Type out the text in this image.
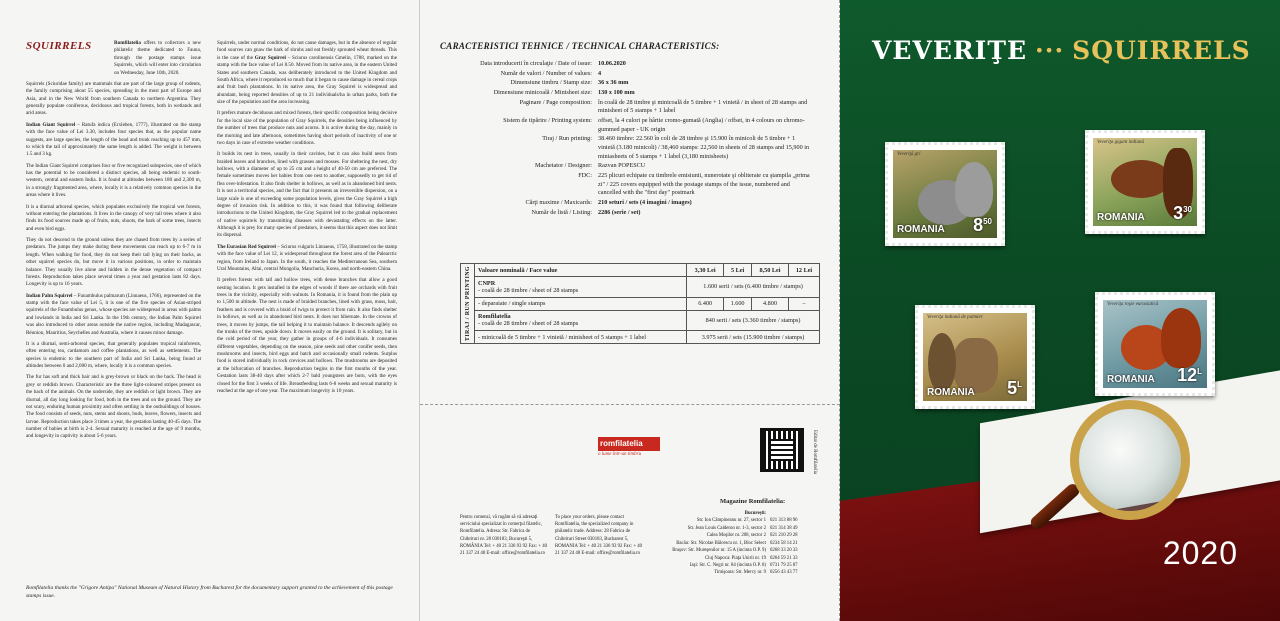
SQUIRRELS	Romfilatelia offers to collectors a new philatelic theme dedicated to Fauna, through the postage stamps issue Squirrels, which will enter into circulation on Wednesday, June 10th, 2020.
Squirrels (Sciuridae family) are mammals that are part of the large group of rodents, the family comprising about 55 species, spreading in the most part of Europe and Asia, and in the New World from southern Canada to northern Argentina. They generally populate coniferous, deciduous and tropical forests, both in wetlands and arid areas.
Indian Giant Squirrel – Ratufa indica (Erxleben, 1777), illustrated on the stamp with the face value of Lei 3.30, includes four species that, as the popular name suggests, are large species, the length of the head and trunk reaching up to 457 mm, to which the tail of approximately the same length is added. The weight is between 1.5 and 3 kg.
The Indian Giant Squirrel comprises four or five recognized subspecies, one of which has the potential to be considered a distinct species, all being endemic to south-western, central and eastern India. It is found at altitudes between 180 and 2,300 m, in a strongly fragmented area, where, locally it is a relatively common species in the areas where it lives.
It is a diurnal arboreal species, which populates exclusively the tropical wet forests, without entering the plantations. It lives in the canopy of very tall trees where it also finds its food sources made up of fruits, nuts, shoots, the bark of some trees, insects and even bird eggs.
They do not descend to the ground unless they are chased from trees by a series of predators. The jumps they make during these movements can reach up to 6-7 m in length. When walking for food, they do not keep their tail lying on their backs, as other squirrel species do, but move it in various positions, in order to maintain balance. They usually live alone and hidden in the dense vegetation of compact forests. Reproduction takes place several times a year and gestation lasts 82 days. Longevity is up to 16 years.
Indian Palm Squirrel – Funambulus palmarum (Linnaeus, 1766), represented on the stamp with the face value of Lei 5, it is one of the five species of Asian-striped squirrels of the Funambulus genus, whose species are widespread in areas with palms and lowlands in India and Sri Lanka. In the 19th century, the Indian Palm Squirrel was also introduced to other areas outside the native region, including Madagascar, Réunion, Mauritius, Seychelles and Australia, where it causes minor damage.
It is a diurnal, semi-arboreal species, that generally populates tropical rainforests, often entering tea, cardamom and coffee plantations, as well as settlements. The species is endemic to the southern part of India and Sri Lanka, being found at altitudes between 0 and 2,000 m, where, locally it is a common species.
The fur has soft and thick hair and is grey-brown or black on the back. The head is grey or reddish brown. Characteristic are the three light-coloured stripes present on the back of the animals. On the underside, they are reddish or light brown. They are diurnal, all day long looking for food, both in the trees and on the ground. They are not scary, enduring human proximity and often settling in the outbuildings of houses. The food consists of seeds, nuts, stems and shoots, buds, leaves, flowers, insects and larvae. Reproduction takes place 3 times a year, the gestation lasting 40-45 days. The number of babies at birth is 2-4. Sexual maturity is reached at the age of 9 months, and longevity in captivity is about 5-6 years.
Squirrels, under normal conditions, do not cause damages, but in the absence of regular food sources can gnaw the bark of shrubs and eat freshly sprouted wheat threads. This is the case of the Gray Squirrel – Sciurus carolinensis Gmelin, 1788, marked on the stamp with the face value of Lei 8.50. Moved from its native area, in the eastern United States and southern Canada, was deliberately introduced to the United Kingdom and South Africa, where it reproduced so much that it began to cause damage in cereal crops and fruit bush plantations. In its native area, the Gray Squirrel is widespread and abundant, being reported densities of up to 21 individuals/ha in urban parks, both the size of the population and the area increasing.
It prefers mature deciduous and mixed forests, their specific composition being decisive for the local size of the population of Gray Squirrels, the densities being influenced by the number of trees that produce nuts and acorns. It is active during the day, mainly in the morning and late afternoon, sometimes having short periods of inactivity of one or two days in case of extreme weather conditions.
It builds its nest in trees, usually in their cavities, but it can also build nests from braided leaves and branches, lined with grasses and mosses. For sheltering the nest, dry hollows, with a diameter of up to 25 cm and a height of 40-50 cm are preferred. The female sometimes moves her babies from one nest to another, supposedly to get rid of flea over-infestation. It also finds shelter in hollows, as well as in abandoned bird nests. It is not a territorial species, and the fact that it presents an irreversible dispersion, on a large scale is one of exceeding some population levels, gives the Gray Squirrel a high degree of invasion risk. In addition to this, it was found that following deliberate introductions to the United Kingdom, the Gray Squirrel led to the gradual replacement of native squirrels by transmitting diseases with devastating effects on the latter. Although it is prey for many species of predators, it seems that this aspect does not limit its dispersal.
The Eurasian Red Squirrel – Sciurus vulgaris Linnaeus, 1758, illustrated on the stamp with the face value of Lei 12, is widespread throughout the forest area of the Palearctic region, from Ireland to Japan. In the south, it reaches the Mediterranean Sea, southern Ural Mountains, Altai, central Mongolia, Manchuria, Korea, and north-eastern China.
It prefers forests with tall and hollow trees, with dense branches that allow a good nesting location. It gets installed in the edges of woods if there are orchards with fruit trees in the vicinity, especially with walnuts. In Romania, it is found from the plain up to 1,500 m altitude. The nest is made of braided branches, lined with grass, moss, hair, feathers and is covered with a braid of twigs to protect it from rain. It also finds shelter in hollows, as well as in abandoned bird nests. It does not hibernate. In the crowns of trees, it moves by jumps, the tail helping it to maintain balance. It descends agilely on the trunks of the trees, upside down. It moves easily on the ground. It is solitary, but in the cold period of the year, they gather in groups of 4-6 individuals. It consumes different vegetables, depending on the season, pine seeds and other conifer seeds, then mushrooms and insects, bird eggs and hatch and occasionally small rodents. Surplus food is stored individually in rock crevices and hollows. The mushrooms are deposited at the bifurcation of branches. Reproduction begins in the first months of the year. Gestation lasts 38-40 days after which 2-7 bald youngsters are born, with the eyes closed for the first 3 weeks of life. Breastfeeding lasts 6-8 weeks and sexual maturity is reached at the age of one year. The maximum longevity is 10 years.
Romfilatelia thanks the "Grigore Antipa" National Museum of Natural History from Bucharest for the documentary support granted to the achievement of this postage stamps issue.
CARACTERISTICI TEHNICE / TECHNICAL CHARACTERISTICS:
Data introducerii în circulaţie / Date of issue: 10.06.2020
Număr de valori / Number of values: 4
Dimensiune timbru / Stamp size: 36 x 36 mm
Dimensiune minicoală / Minisheet size: 130 x 100 mm
Paginare / Page composition: în coală de 28 timbre şi minicoală de 5 timbre + 1 vinietă / in sheet of 28 stamps and minisheet of 5 stamps + 1 label
Sistem de tipărire / Printing system: offset, la 4 culori pe hârtie cromo-gumată (Anglia) / offset, in 4 colours on chromo-gummed paper - UK origin
Tiraj / Run printing: 38.460 timbre: 22.560 în coli de 28 timbre şi 15.900 în minicoli de 5 timbre + 1 vinietă (3.180 minicoli) / 38,460 stamps: 22,560 in sheets of 28 stamps and 15,900 in miniasheets of 5 stamps + 1 label (3,180 minisheets)
Machetator / Designer: Razvan POPESCU
FDC: 225 plicuri echipate cu timbrele emisiunii, nunerotate şi obliterate cu ştampila „prima zi" / 225 covers equipped with the postage stamps of the issue, numbered and cancelled with the "first day" postmark
Cărţi maxime / Maxicards: 210 seturi / sets (4 imagini / images)
Număr de listă / Listing: 2286 (serie / set)
TIRAJ / RUN PRINTING	Valoare nominală / Face value	3,30 Lei	5 Lei	8,50 Lei	12 Lei

	CNPR
- coală de 28 timbre / sheet of 28 stamps	1.600 serii / sets (6.400 timbre / stamps)			
	- deparaiate / single stamps	6.400	1.600	4.800	–

	Romfilatelia
- coală de 28 timbre / sheet of 28 stamps	840 serii / sets (3.360 timbre / stamps)			
	- minicoală de 5 timbre + 1 vinietă / minisheet of 5 stamps + 1 label	3.975 serii / sets (15.900 timbre / stamps)			
romfilatelia
o lume într-un timbru	Editat de Romfilatelia
Pentru comenzi, vă rugăm să vă adresaţi serviciului specializat în comerţul filatelic, Romfilatelia. Adresa: Str. Fabrica de Chibrituri nr. 28 030183, Bucureşti 5, ROMÂNIA Tel: + 40 21 336 93 92 Fax: + 40 21 337 24 48 E-mail: office@romfilatelia.ro
To place your orders, please contact Romfilatelia, the specialized company in philatelic trade. Address: 28 Fabrica de Chibrituri Street 030183, Bucharest 5, ROMANIA Tel: + 40 21 336 93 92 Fax: + 40 21 337 24 48 E-mail: office@romfilatelia.ro
Magazine Romfilatelia:
Bucureşti:
Str. Ion Câmpineanu nr. 27, sector 1 021 313 88 96
Str. Jean Louis Calderon nr. 1-3, sector 2 021 314 38 49
Calea Moşilor nr. 208, sector 2 021 210 29 28
Bacău: Str. Nicolae Bălcescu nr. 1, Bloc Select 0234 58 14 21
Braşov: Str. Mureşenilor nr. 15 A (incinta O.P. 9) 0268 33 20 33
Cluj Napoca: Piaţa Unirii nr. 19 0264 59 21 33
Iaşi: Str. C. Negri nr. 84 (incinta O.P. 8) 0731 79 25 87
Timişoara: Str. Mercy nr. 9 0256 43 43 77
VEVERIŢE ··· SQUIRRELS
Veveriţă gri
ROMANIA $8^{50}$
Veveriţa gigant indiană
ROMANIA $3^{30}$
Veveriţa indiană de palmier
ROMANIA $5^L$
Veveriţa roşie eurasiatică
ROMANIA $12^L$
2020
